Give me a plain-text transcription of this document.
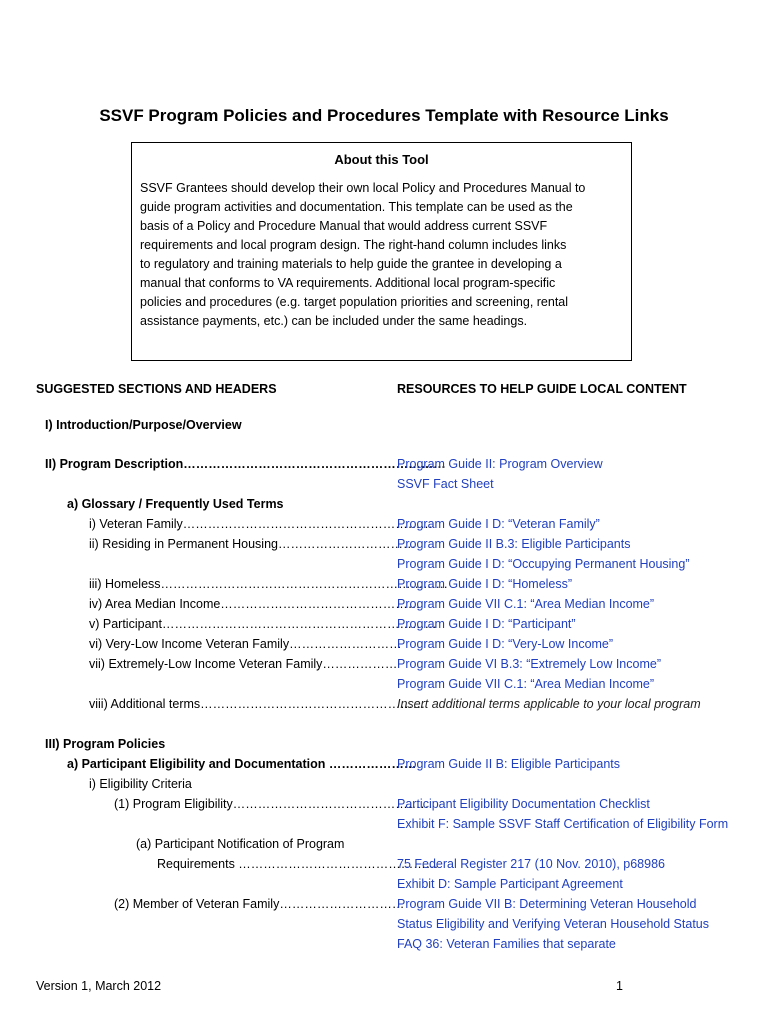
SSVF Program Policies and Procedures Template with Resource Links
About this Tool
SSVF Grantees should develop their own local Policy and Procedures Manual to
guide program activities and documentation. This template can be used as the
basis of a Policy and Procedure Manual that would address current SSVF
requirements and local program design. The right-hand column includes links
to regulatory and training materials to help guide the grantee in developing a
manual that conforms to VA requirements. Additional local program-specific
policies and procedures (e.g. target population priorities and screening, rental
assistance payments, etc.) can be included under the same headings.
SUGGESTED SECTIONS AND HEADERS	RESOURCES TO HELP GUIDE LOCAL CONTENT
I) Introduction/Purpose/Overview
II) Program Description………………………………………………………
Program Guide II: Program Overview
SSVF Fact Sheet
a) Glossary / Frequently Used Terms
i) Veteran Family……………………………………………………
Program Guide I D: “Veteran Family”
ii) Residing in Permanent Housing……………………………
Program Guide II B.3: Eligible Participants
Program Guide I D: “Occupying Permanent Housing”
iii) Homeless……………………………………………………………
Program Guide I D: “Homeless”
iv) Area Median Income…………………………………………
Program Guide VII C.1: “Area Median Income”
v) Participant…………………………………………………………
Program Guide I D: “Participant”
vi) Very-Low Income Veteran Family………………………
Program Guide I D: “Very-Low Income”
vii) Extremely-Low Income Veteran Family……………… Program Guide VI B.3: “Extremely Low Income”
Program Guide VII C.1: “Area Median Income”
viii) Additional terms………………………………………………
Insert additional terms applicable to your local program
III) Program Policies
a) Participant Eligibility and Documentation …………………
Program Guide II B: Eligible Participants
i) Eligibility Criteria
(1) Program Eligibility…………………………………………
Participant Eligibility Documentation Checklist
Exhibit F: Sample SSVF Staff Certification of Eligibility Form
(a) Participant Notification of Program
Requirements …………………………………………
75 Federal Register 217 (10 Nov. 2010), p68986
Exhibit D: Sample Participant Agreement
(2) Member of Veteran Family…………………………
Program Guide VII B: Determining Veteran Household
Status Eligibility and Verifying Veteran Household Status
FAQ 36: Veteran Families that separate
Version 1, March 2012	1
